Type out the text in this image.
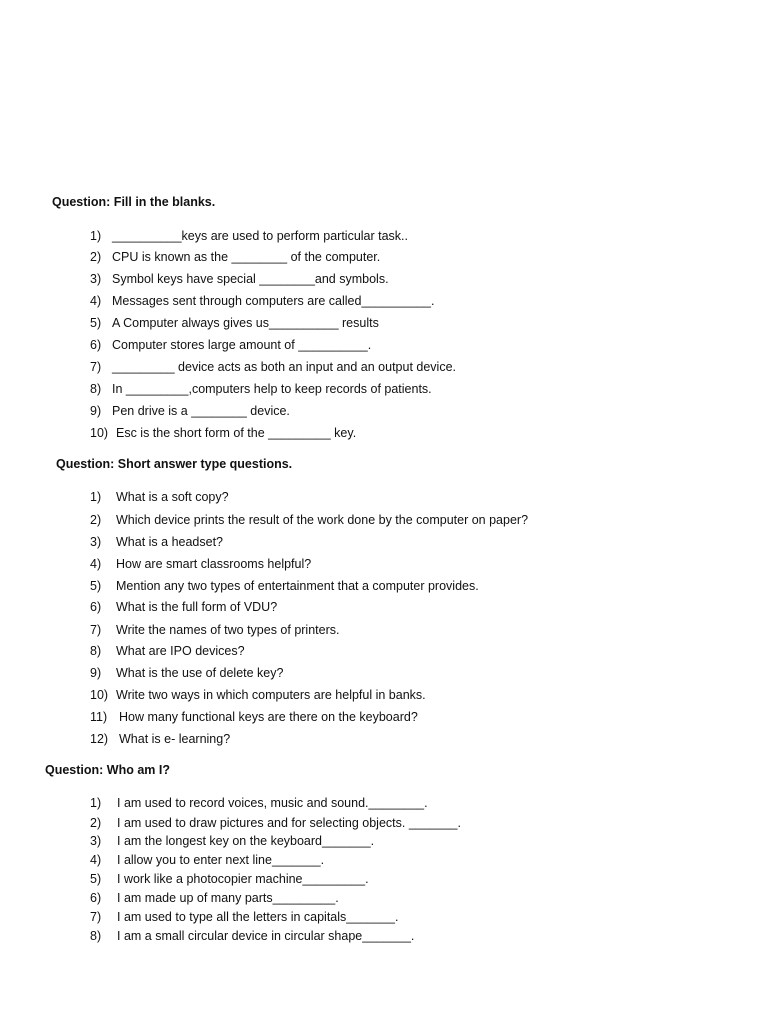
Question: Fill in the blanks.

1) __________keys are used to perform particular task..
2) CPU is known as the ________ of the computer.
3) Symbol keys have special ________and symbols.
4) Messages sent through computers are called__________.
5) A Computer always gives us__________ results
6) Computer stores large amount of __________.
7) _________ device acts as both an input and an output device.
8) In _________,computers help to keep records of patients.
9) Pen drive is a ________ device.
10) Esc is the short form of the _________ key.

Question: Short answer type questions.

1) What is a soft copy?
2) Which device prints the result of the work done by the computer on paper?
3) What is a headset?
4) How are smart classrooms helpful?
5) Mention any two types of entertainment that a computer provides.
6) What is the full form of VDU?
7) Write the names of two types of printers.
8) What are IPO devices?
9) What is the use of delete key?
10) Write two ways in which computers are helpful in banks.
11) How many functional keys are there on the keyboard?
12) What is e- learning?

Question: Who am I?

1) I am used to record voices, music and sound.________.
2) I am used to draw pictures and for selecting objects. _______.
3) I am the longest key on the keyboard_______.
4) I allow you to enter next line_______.
5) I work like a photocopier machine_________.
6) I am made up of many parts_________.
7) I am used to type all the letters in capitals_______.
8) I am a small circular device in circular shape_______.
